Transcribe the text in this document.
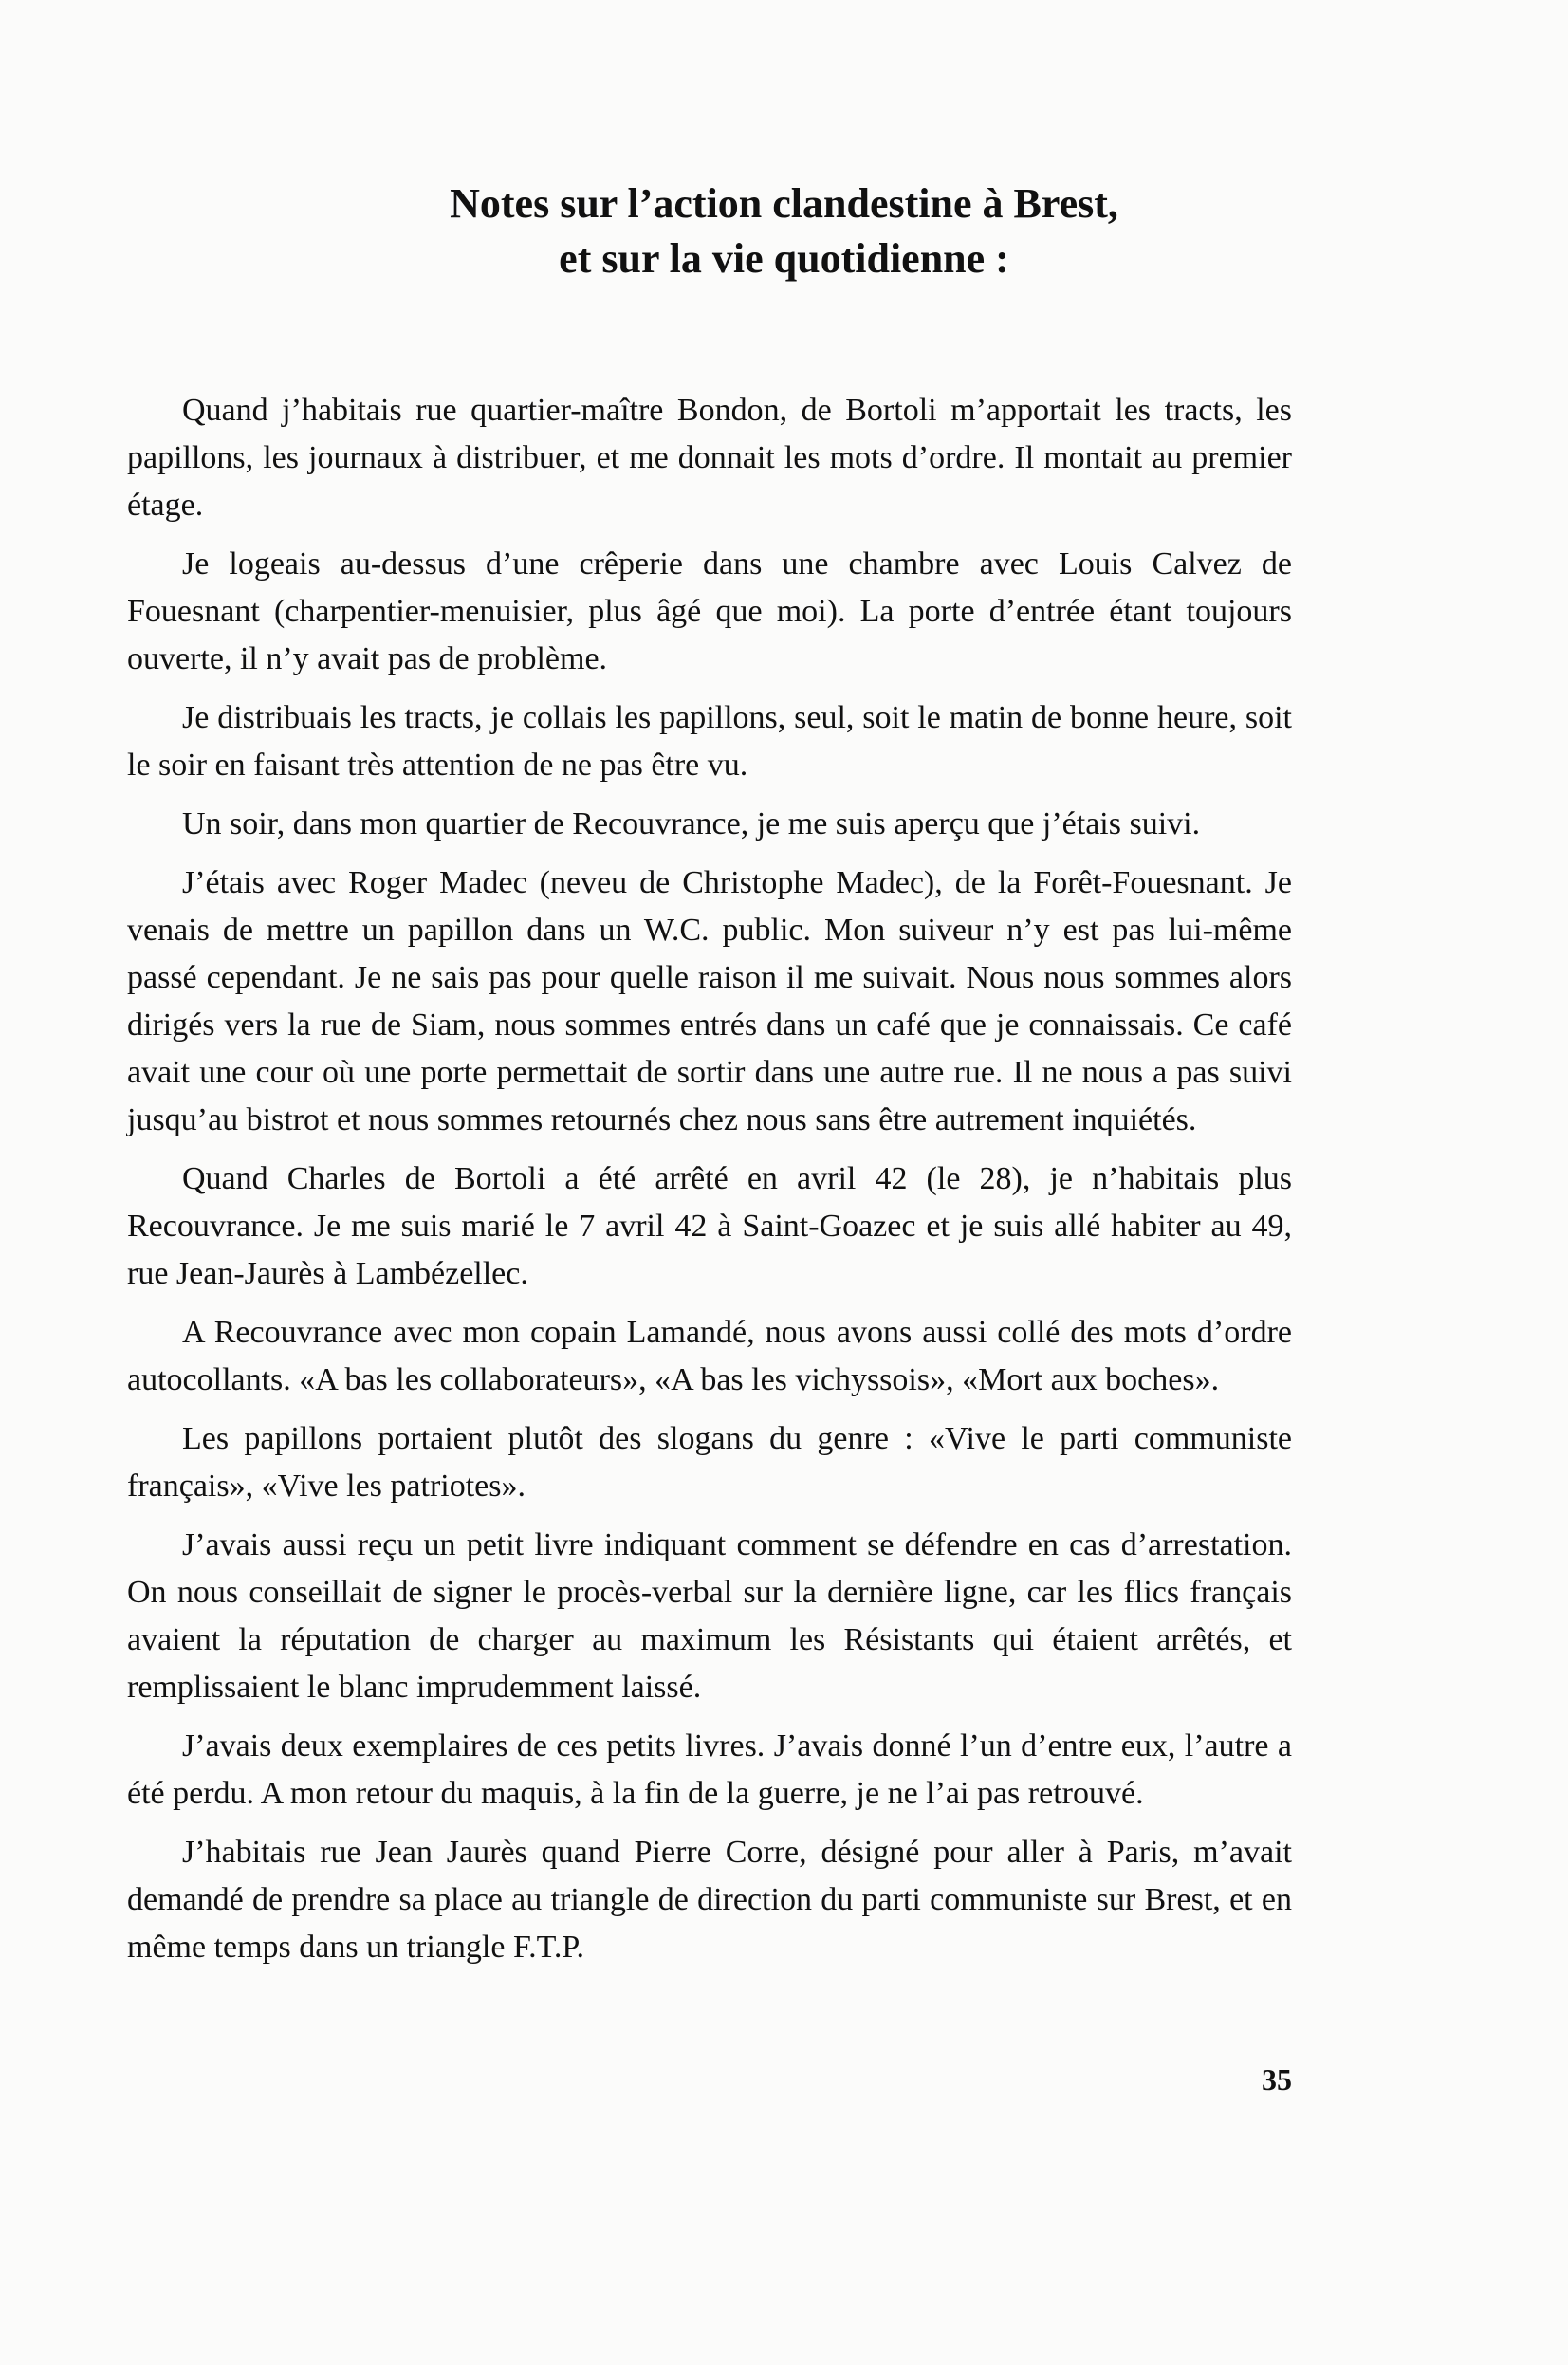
Notes sur l’action clandestine à Brest,
et sur la vie quotidienne :

Quand j’habitais rue quartier-maître Bondon, de Bortoli m’apportait les tracts, les papillons, les journaux à distribuer, et me donnait les mots d’ordre. Il montait au premier étage.

Je logeais au-dessus d’une crêperie dans une chambre avec Louis Calvez de Fouesnant (charpentier-menuisier, plus âgé que moi). La porte d’entrée étant toujours ouverte, il n’y avait pas de problème.

Je distribuais les tracts, je collais les papillons, seul, soit le matin de bonne heure, soit le soir en faisant très attention de ne pas être vu.

Un soir, dans mon quartier de Recouvrance, je me suis aperçu que j’étais suivi.

J’étais avec Roger Madec (neveu de Christophe Madec), de la Forêt-Fouesnant. Je venais de mettre un papillon dans un W.C. public. Mon suiveur n’y est pas lui-même passé cependant. Je ne sais pas pour quelle raison il me suivait. Nous nous sommes alors dirigés vers la rue de Siam, nous sommes entrés dans un café que je connaissais. Ce café avait une cour où une porte permettait de sortir dans une autre rue. Il ne nous a pas suivi jusqu’au bistrot et nous sommes retournés chez nous sans être autrement inquiétés.

Quand Charles de Bortoli a été arrêté en avril 42 (le 28), je n’habitais plus Recouvrance. Je me suis marié le 7 avril 42 à Saint-Goazec et je suis allé habiter au 49, rue Jean-Jaurès à Lambézellec.

A Recouvrance avec mon copain Lamandé, nous avons aussi collé des mots d’ordre autocollants. «A bas les collaborateurs», «A bas les vichyssois», «Mort aux boches».

Les papillons portaient plutôt des slogans du genre : «Vive le parti communiste français», «Vive les patriotes».

J’avais aussi reçu un petit livre indiquant comment se défendre en cas d’arrestation. On nous conseillait de signer le procès-verbal sur la dernière ligne, car les flics français avaient la réputation de charger au maximum les Résistants qui étaient arrêtés, et remplissaient le blanc imprudemment laissé.

J’avais deux exemplaires de ces petits livres. J’avais donné l’un d’entre eux, l’autre a été perdu. A mon retour du maquis, à la fin de la guerre, je ne l’ai pas retrouvé.

J’habitais rue Jean Jaurès quand Pierre Corre, désigné pour aller à Paris, m’avait demandé de prendre sa place au triangle de direction du parti communiste sur Brest, et en même temps dans un triangle F.T.P.

35
